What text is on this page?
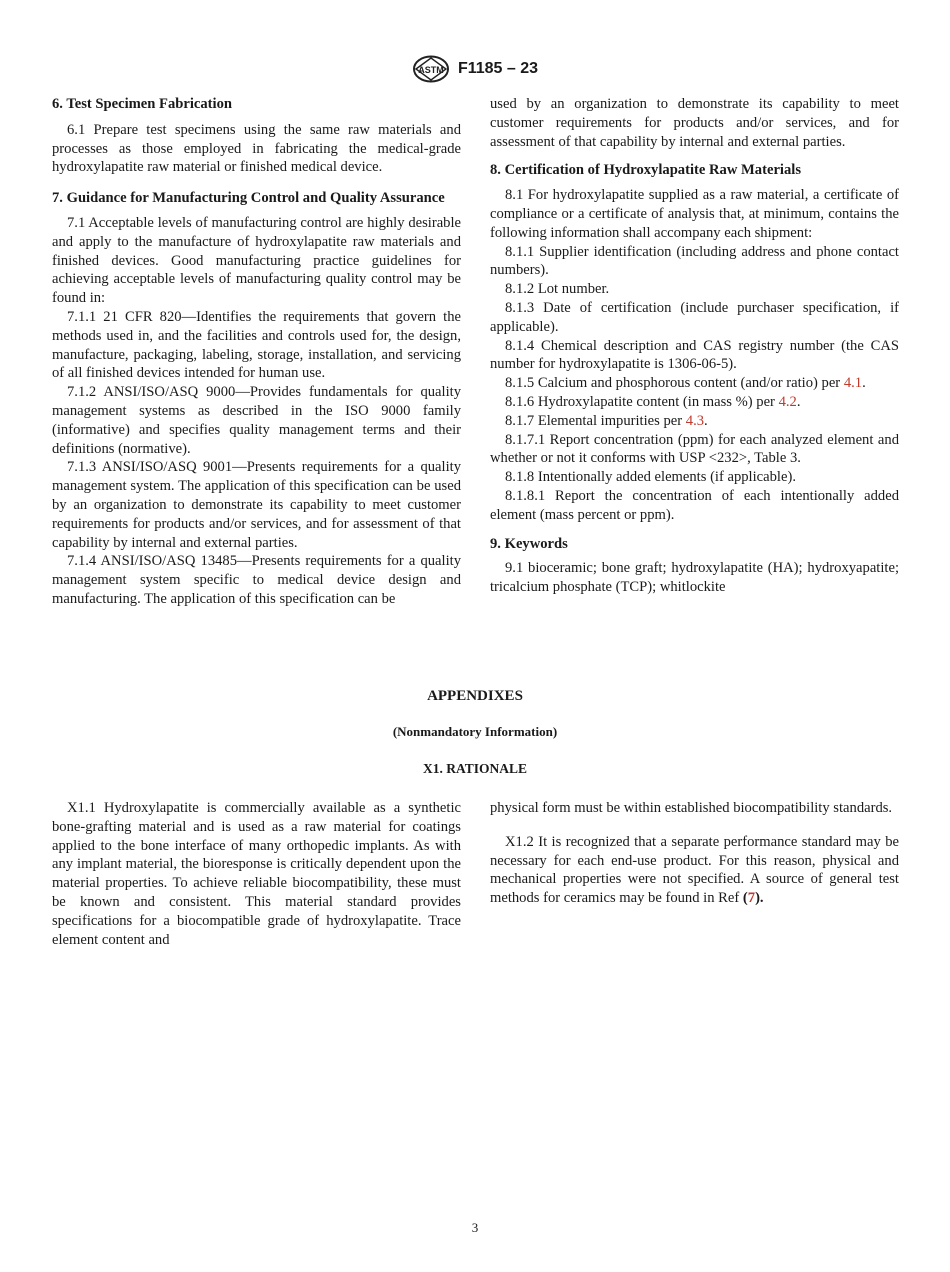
ASTM F1185 – 23
6. Test Specimen Fabrication

6.1 Prepare test specimens using the same raw materials and processes as those employed in fabricating the medical-grade hydroxylapatite raw material or finished medical device.

7. Guidance for Manufacturing Control and Quality Assurance

7.1 Acceptable levels of manufacturing control are highly desirable and apply to the manufacture of hydroxylapatite raw materials and finished devices. Good manufacturing practice guidelines for achieving acceptable levels of manufacturing quality control may be found in:

7.1.1 21 CFR 820—Identifies the requirements that govern the methods used in, and the facilities and controls used for, the design, manufacture, packaging, labeling, storage, installation, and servicing of all finished devices intended for human use.

7.1.2 ANSI/ISO/ASQ 9000—Provides fundamentals for quality management systems as described in the ISO 9000 family (informative) and specifies quality management terms and their definitions (normative).

7.1.3 ANSI/ISO/ASQ 9001—Presents requirements for a quality management system. The application of this specification can be used by an organization to demonstrate its capability to meet customer requirements for products and/or services, and for assessment of that capability by internal and external parties.

7.1.4 ANSI/ISO/ASQ 13485—Presents requirements for a quality management system specific to medical device design and manufacturing. The application of this specification can be

used by an organization to demonstrate its capability to meet customer requirements for products and/or services, and for assessment of that capability by internal and external parties.

8. Certification of Hydroxylapatite Raw Materials

8.1 For hydroxylapatite supplied as a raw material, a certificate of compliance or a certificate of analysis that, at minimum, contains the following information shall accompany each shipment:

8.1.1 Supplier identification (including address and phone contact numbers).

8.1.2 Lot number.

8.1.3 Date of certification (include purchaser specification, if applicable).

8.1.4 Chemical description and CAS registry number (the CAS number for hydroxylapatite is 1306-06-5).

8.1.5 Calcium and phosphorous content (and/or ratio) per 4.1.

8.1.6 Hydroxylapatite content (in mass %) per 4.2.

8.1.7 Elemental impurities per 4.3.

8.1.7.1 Report concentration (ppm) for each analyzed element and whether or not it conforms with USP <232>, Table 3.

8.1.8 Intentionally added elements (if applicable).

8.1.8.1 Report the concentration of each intentionally added element (mass percent or ppm).

9. Keywords

9.1 bioceramic; bone graft; hydroxylapatite (HA); hydroxyapatite; tricalcium phosphate (TCP); whitlockite

APPENDIXES
(Nonmandatory Information)
X1. RATIONALE

X1.1 Hydroxylapatite is commercially available as a synthetic bone-grafting material and is used as a raw material for coatings applied to the bone interface of many orthopedic implants. As with any implant material, the bioresponse is critically dependent upon the material properties. To achieve reliable biocompatibility, these must be known and consistent. This material standard provides specifications for a biocompatible grade of hydroxylapatite. Trace element content and

physical form must be within established biocompatibility standards.

X1.2 It is recognized that a separate performance standard may be necessary for each end-use product. For this reason, physical and mechanical properties were not specified. A source of general test methods for ceramics may be found in Ref (7).

3
